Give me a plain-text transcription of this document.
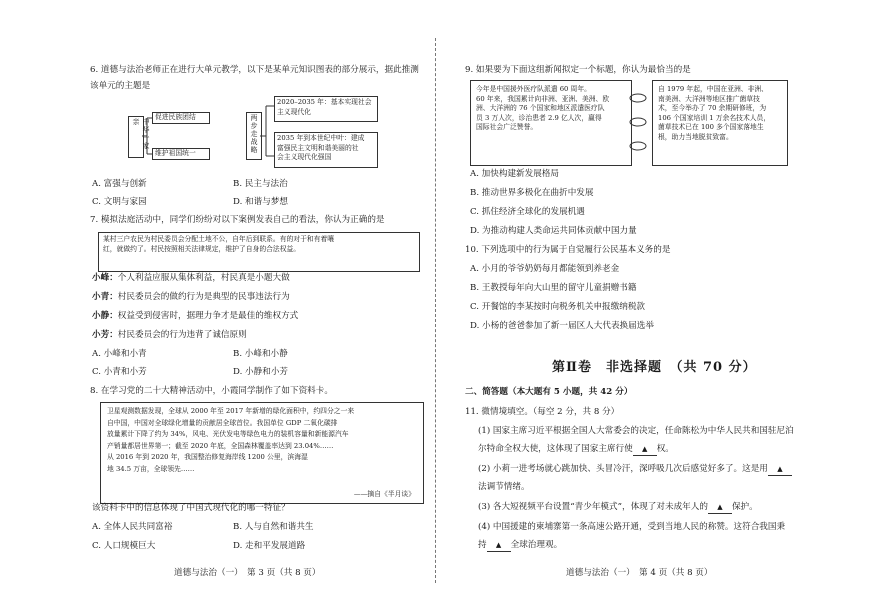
6. 道德与法治老师正在进行大单元教学，以下是某单元知识图表的部分展示，据此推测
该单元的主题是
中华一家亲
促进民族团结
维护祖国统一	两步走战略
2020–2035 年：基本实现社会
主义现代化
2035 年到本世纪中叶：建成
富强民主文明和谐美丽的社
会主义现代化强国
A. 富强与创新	B. 民主与法治
C. 文明与家园	D. 和谐与梦想
7. 模拟法庭活动中，同学们纷纷对以下案例发表自己的看法，你认为正确的是
某村三户农民为村民委员会分配土地不公，自年后到联系。有的对于和有着嚷
红，就做约了。村民按照相关法律规定，维护了自身的合法权益。
小峰：个人利益应服从集体利益，村民真是小题大做
小青：村民委员会的做约行为是典型的民事违法行为
小静：权益受到侵害时，据理力争才是最佳的维权方式
小芳：村民委员会的行为违背了诚信原则
A. 小峰和小青	B. 小峰和小静
C. 小青和小芳	D. 小静和小芳
8. 在学习党的二十大精神活动中，小霞同学制作了如下资料卡。
卫星观测数据发现，全球从 2000 年至 2017 年新增的绿化面积中，约四分之一来
自中国，中国对全球绿化增量的贡献居全球首位。我国单位 GDP 二氧化碳排
放量累计下降了约为 34%，风电、光伏发电等绿色电力的装机容量和新能源汽车
产销量都居世界第一；截至 2020 年底，全国森林覆盖率达到 23.04%……
从 2016 年到 2020 年，我国整治修复海岸线 1200 公里，滨海湿
地 34.5 万亩，全球领先……
——摘自《半月谈》
该资料卡中的信息体现了中国式现代化的哪一特征？
A. 全体人民共同富裕	B. 人与自然和谐共生
C. 人口规模巨大	D. 走和平发展道路
道德与法治（一）　第 3 页（共 8 页）
9. 如果要为下面这组新闻拟定一个标题，你认为最恰当的是
今年是中国援外医疗队派遣 60 周年。
60 年来，我国累计向非洲、亚洲、美洲、欧
洲、大洋洲的 76 个国家和地区派遣医疗队
员 3 万人次，诊治患者 2.9 亿人次，赢得
国际社会广泛赞誉。
自 1979 年起，中国在亚洲、非洲、
南美洲、大洋洲等地区推广菌草技
术，至今举办了 70 余期研修班，为
106 个国家培训 1 万余名技术人员，
菌草技术已在 100 多个国家落地生
根，助力当地脱贫致富。
A. 加快构建新发展格局
B. 推动世界多极化在曲折中发展
C. 抓住经济全球化的发展机遇
D. 为推动构建人类命运共同体贡献中国力量
10. 下列选项中的行为属于自觉履行公民基本义务的是
A. 小月的爷爷奶奶每月都能领到养老金
B. 王教授每年向大山里的留守儿童捐赠书籍
C. 开餐馆的李某按时向税务机关申报缴纳税款
D. 小杨的爸爸参加了新一届区人大代表换届选举
第Ⅱ卷　非选择题　（共 70 分）
二、简答题（本大题有 5 小题，共 42 分）
11. 微情境填空。（每空 2 分，共 8 分）
(1) 国家主席习近平根据全国人大常委会的决定，任命陈松为中华人民共和国驻尼泊
尔特命全权大使，这体现了国家主席行使 ▲ 权。
(2) 小莉一进考场就心跳加快、头冒冷汗，深呼吸几次后感觉好多了。这是用 ▲
法调节情绪。
(3) 各大短视频平台设置“青少年模式”，体现了对未成年人的 ▲ 保护。
(4) 中国援建的柬埔寨第一条高速公路开通，受到当地人民的称赞。这符合我国秉
持 ▲ 全球治理观。
道德与法治（一）　第 4 页（共 8 页）
